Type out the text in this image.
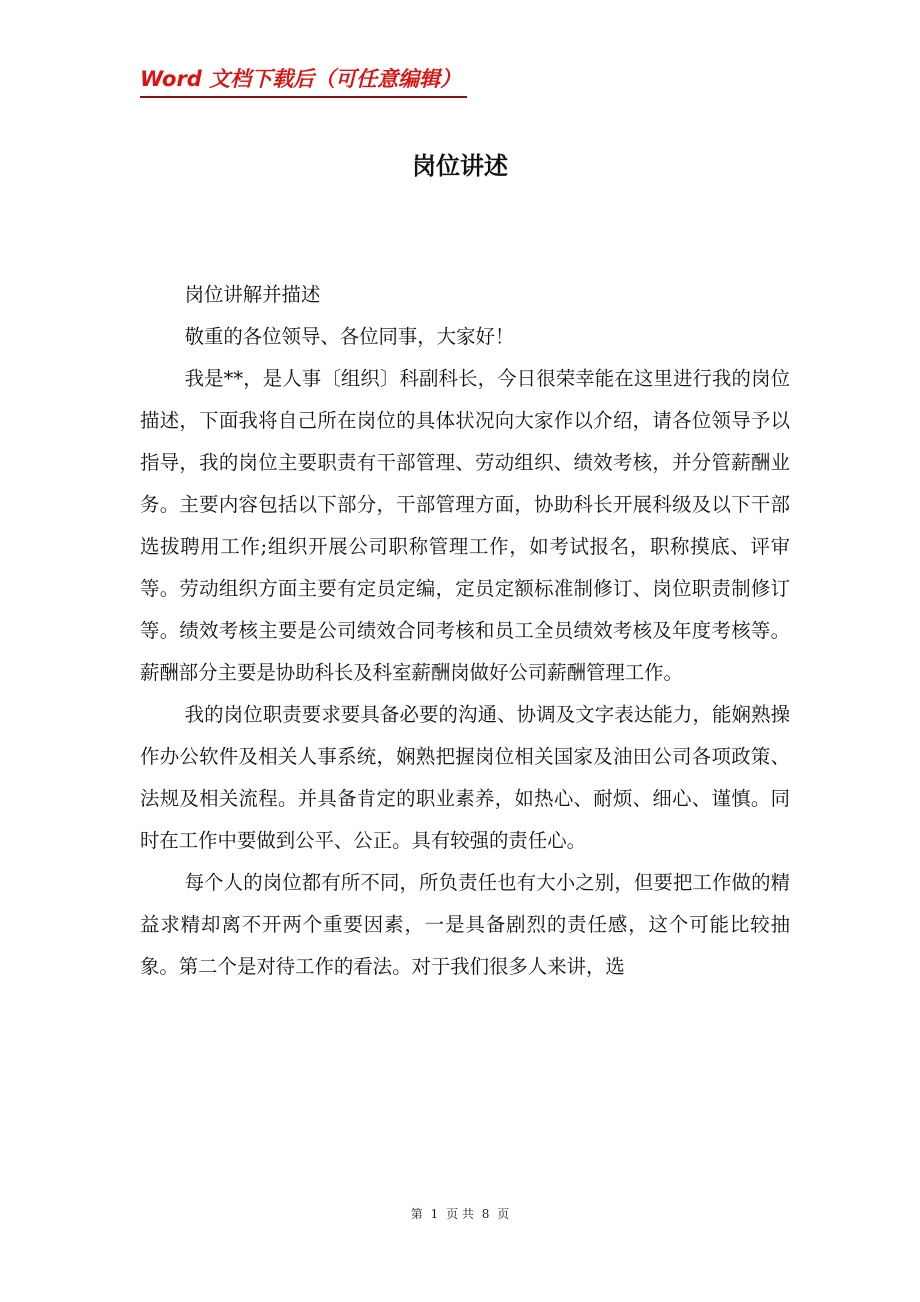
Word 文档下载后（可任意编辑）
岗位讲述

岗位讲解并描述

敬重的各位领导、各位同事，大家好！

我是**，是人事〔组织〕科副科长，今日很荣幸能在这里进行我的岗位描述，下面我将自己所在岗位的具体状况向大家作以介绍，请各位领导予以指导，我的岗位主要职责有干部管理、劳动组织、绩效考核，并分管薪酬业务。主要内容包括以下部分，干部管理方面，协助科长开展科级及以下干部选拔聘用工作;组织开展公司职称管理工作，如考试报名，职称摸底、评审等。劳动组织方面主要有定员定编，定员定额标准制修订、岗位职责制修订等。绩效考核主要是公司绩效合同考核和员工全员绩效考核及年度考核等。薪酬部分主要是协助科长及科室薪酬岗做好公司薪酬管理工作。

我的岗位职责要求要具备必要的沟通、协调及文字表达能力，能娴熟操作办公软件及相关人事系统，娴熟把握岗位相关国家及油田公司各项政策、法规及相关流程。并具备肯定的职业素养，如热心、耐烦、细心、谨慎。同时在工作中要做到公平、公正。具有较强的责任心。

每个人的岗位都有所不同，所负责任也有大小之别，但要把工作做的精益求精却离不开两个重要因素，一是具备剧烈的责任感，这个可能比较抽象。第二个是对待工作的看法。对于我们很多人来讲，选

第 1 页 共 8 页
